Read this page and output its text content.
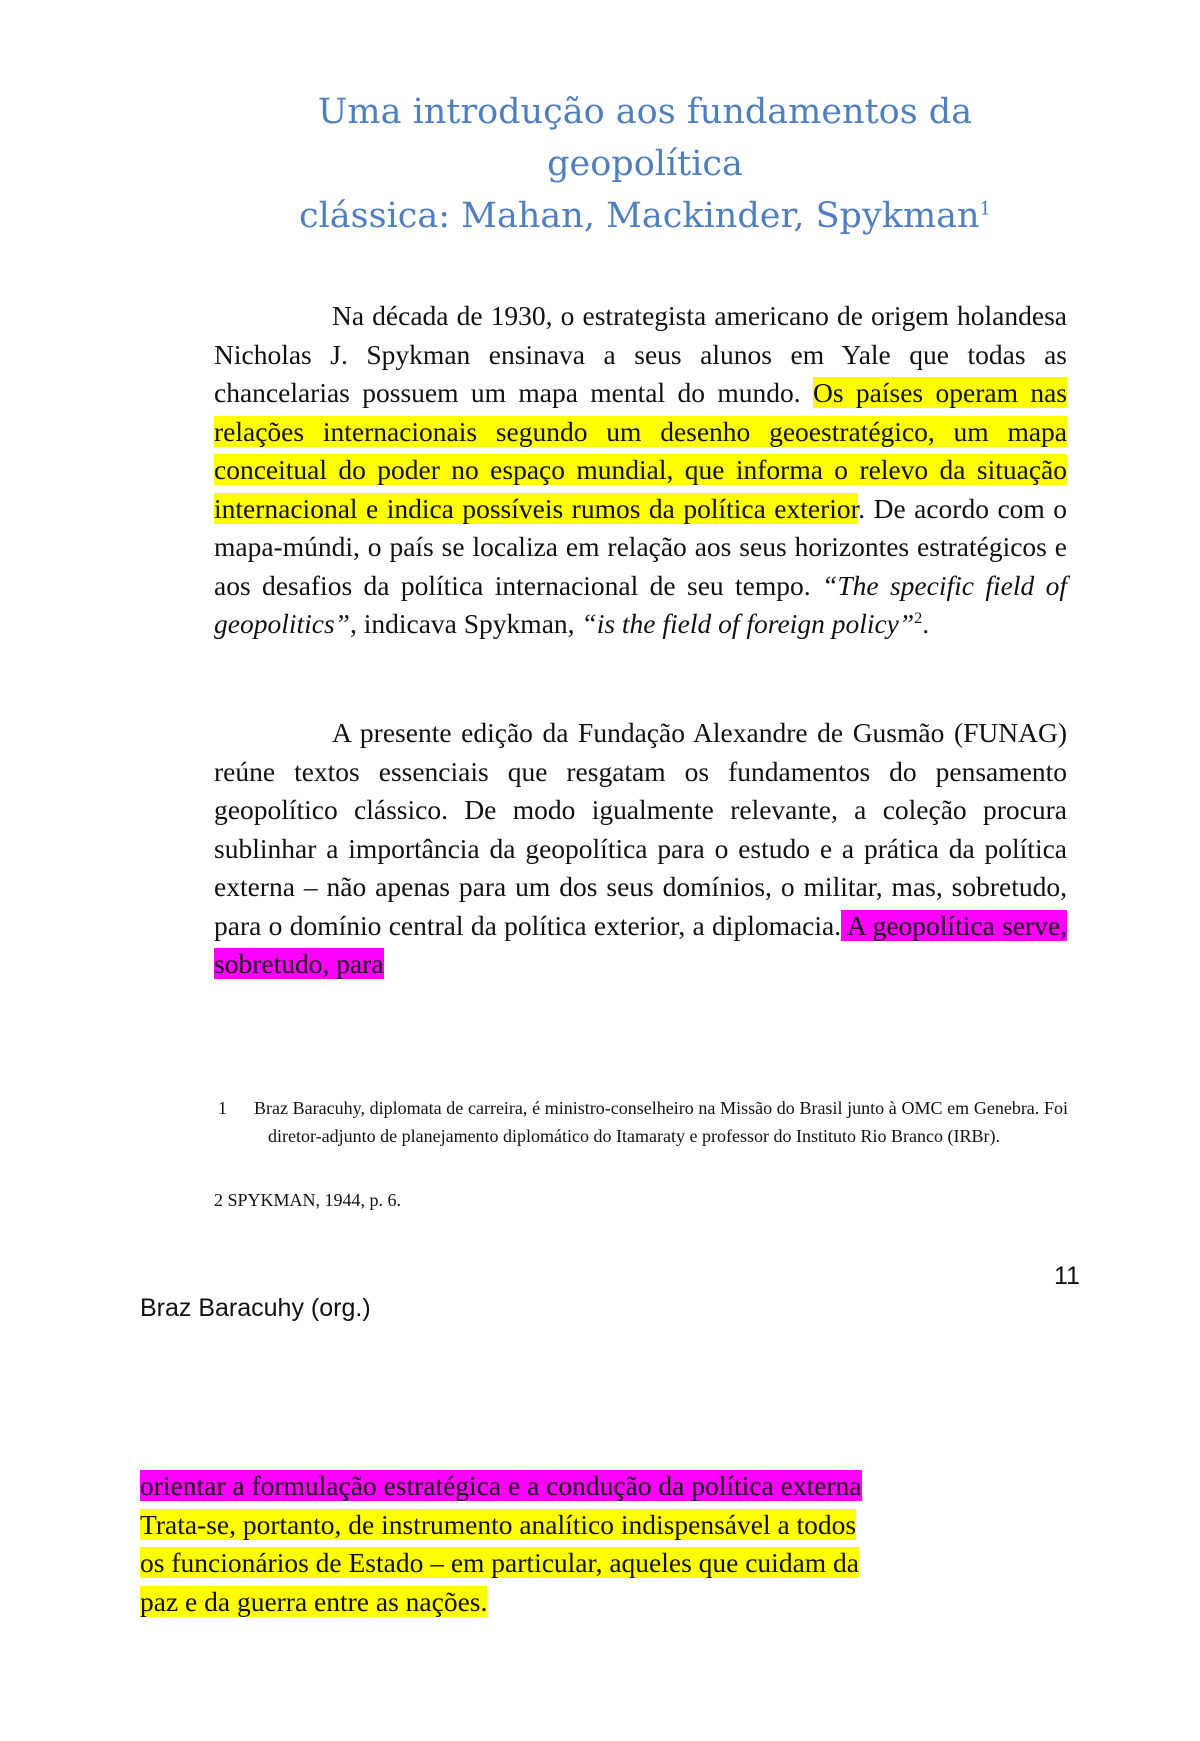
Uma introdução aos fundamentos da geopolítica
clássica: Mahan, Mackinder, Spykman$^1$

Na década de 1930, o estrategista americano de origem holandesa Nicholas J. Spykman ensinava a seus alunos em Yale que todas as chancelarias possuem um mapa mental do mundo. Os países operam nas relações internacionais segundo um desenho geoestratégico, um mapa conceitual do poder no espaço mundial, que informa o relevo da situação internacional e indica possíveis rumos da política exterior. De acordo com o mapa-múndi, o país se localiza em relação aos seus horizontes estratégicos e aos desafios da política internacional de seu tempo. “The specific field of geopolitics”, indicava Spykman, “is the field of foreign policy”$^2$.

A presente edição da Fundação Alexandre de Gusmão (FUNAG) reúne textos essenciais que resgatam os fundamentos do pensamento geopolítico clássico. De modo igualmente relevante, a coleção procura sublinhar a importância da geopolítica para o estudo e a prática da política externa – não apenas para um dos seus domínios, o militar, mas, sobretudo, para o domínio central da política exterior, a diplomacia. A geopolítica serve, sobretudo, para

1	Braz Baracuhy, diplomata de carreira, é ministro-conselheiro na Missão do Brasil junto à OMC em Genebra. Foi diretor-adjunto de planejamento diplomático do Itamaraty e professor do Instituto Rio Branco (IRBr).

2 SPYKMAN, 1944, p. 6.

11
Braz Baracuhy (org.)

orientar a formulação estratégica e a condução da política externa
Trata-se, portanto, de instrumento analítico indispensável a todos
os funcionários de Estado – em particular, aqueles que cuidam da
paz e da guerra entre as nações.
